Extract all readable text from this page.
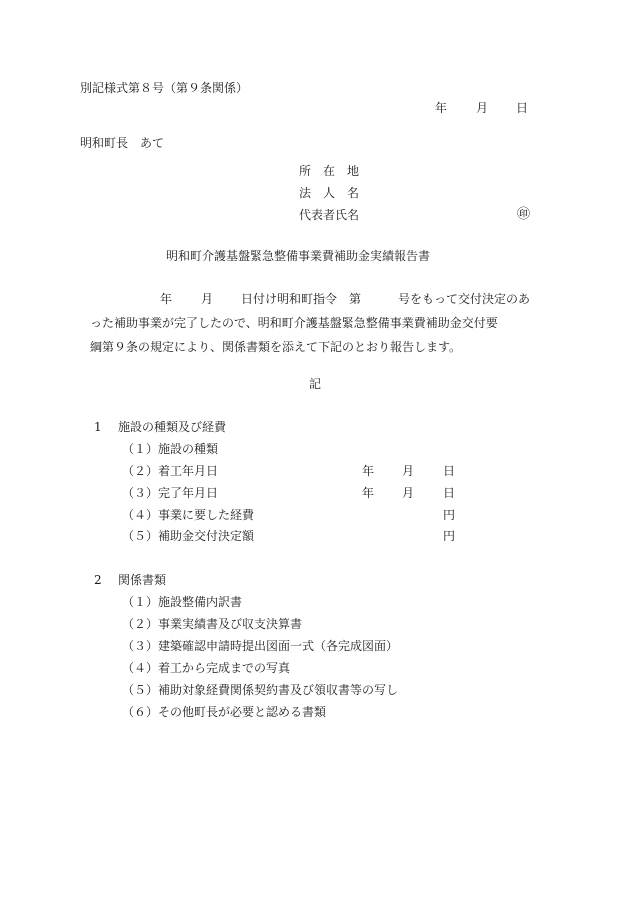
別記様式第８号（第９条関係）
年 月 日
明和町長　あて
所　在　地
法　人　名
代表者氏名	㊞
明和町介護基盤緊急整備事業費補助金実績報告書
年 月 日付け明和町指令　第	号をもって交付決定のあ
った補助事業が完了したので、明和町介護基盤緊急整備事業費補助金交付要
綱第９条の規定により、関係書類を添えて下記のとおり報告します。
記
1 施設の種類及び経費
（１）施設の種類
（２）着工年月日	年 月 日
（３）完了年月日	年 月 日
（４）事業に要した経費	円
（５）補助金交付決定額	円
2 関係書類
（１）施設整備内訳書
（２）事業実績書及び収支決算書
（３）建築確認申請時提出図面一式（各完成図面）
（４）着工から完成までの写真
（５）補助対象経費関係契約書及び領収書等の写し
（６）その他町長が必要と認める書類
